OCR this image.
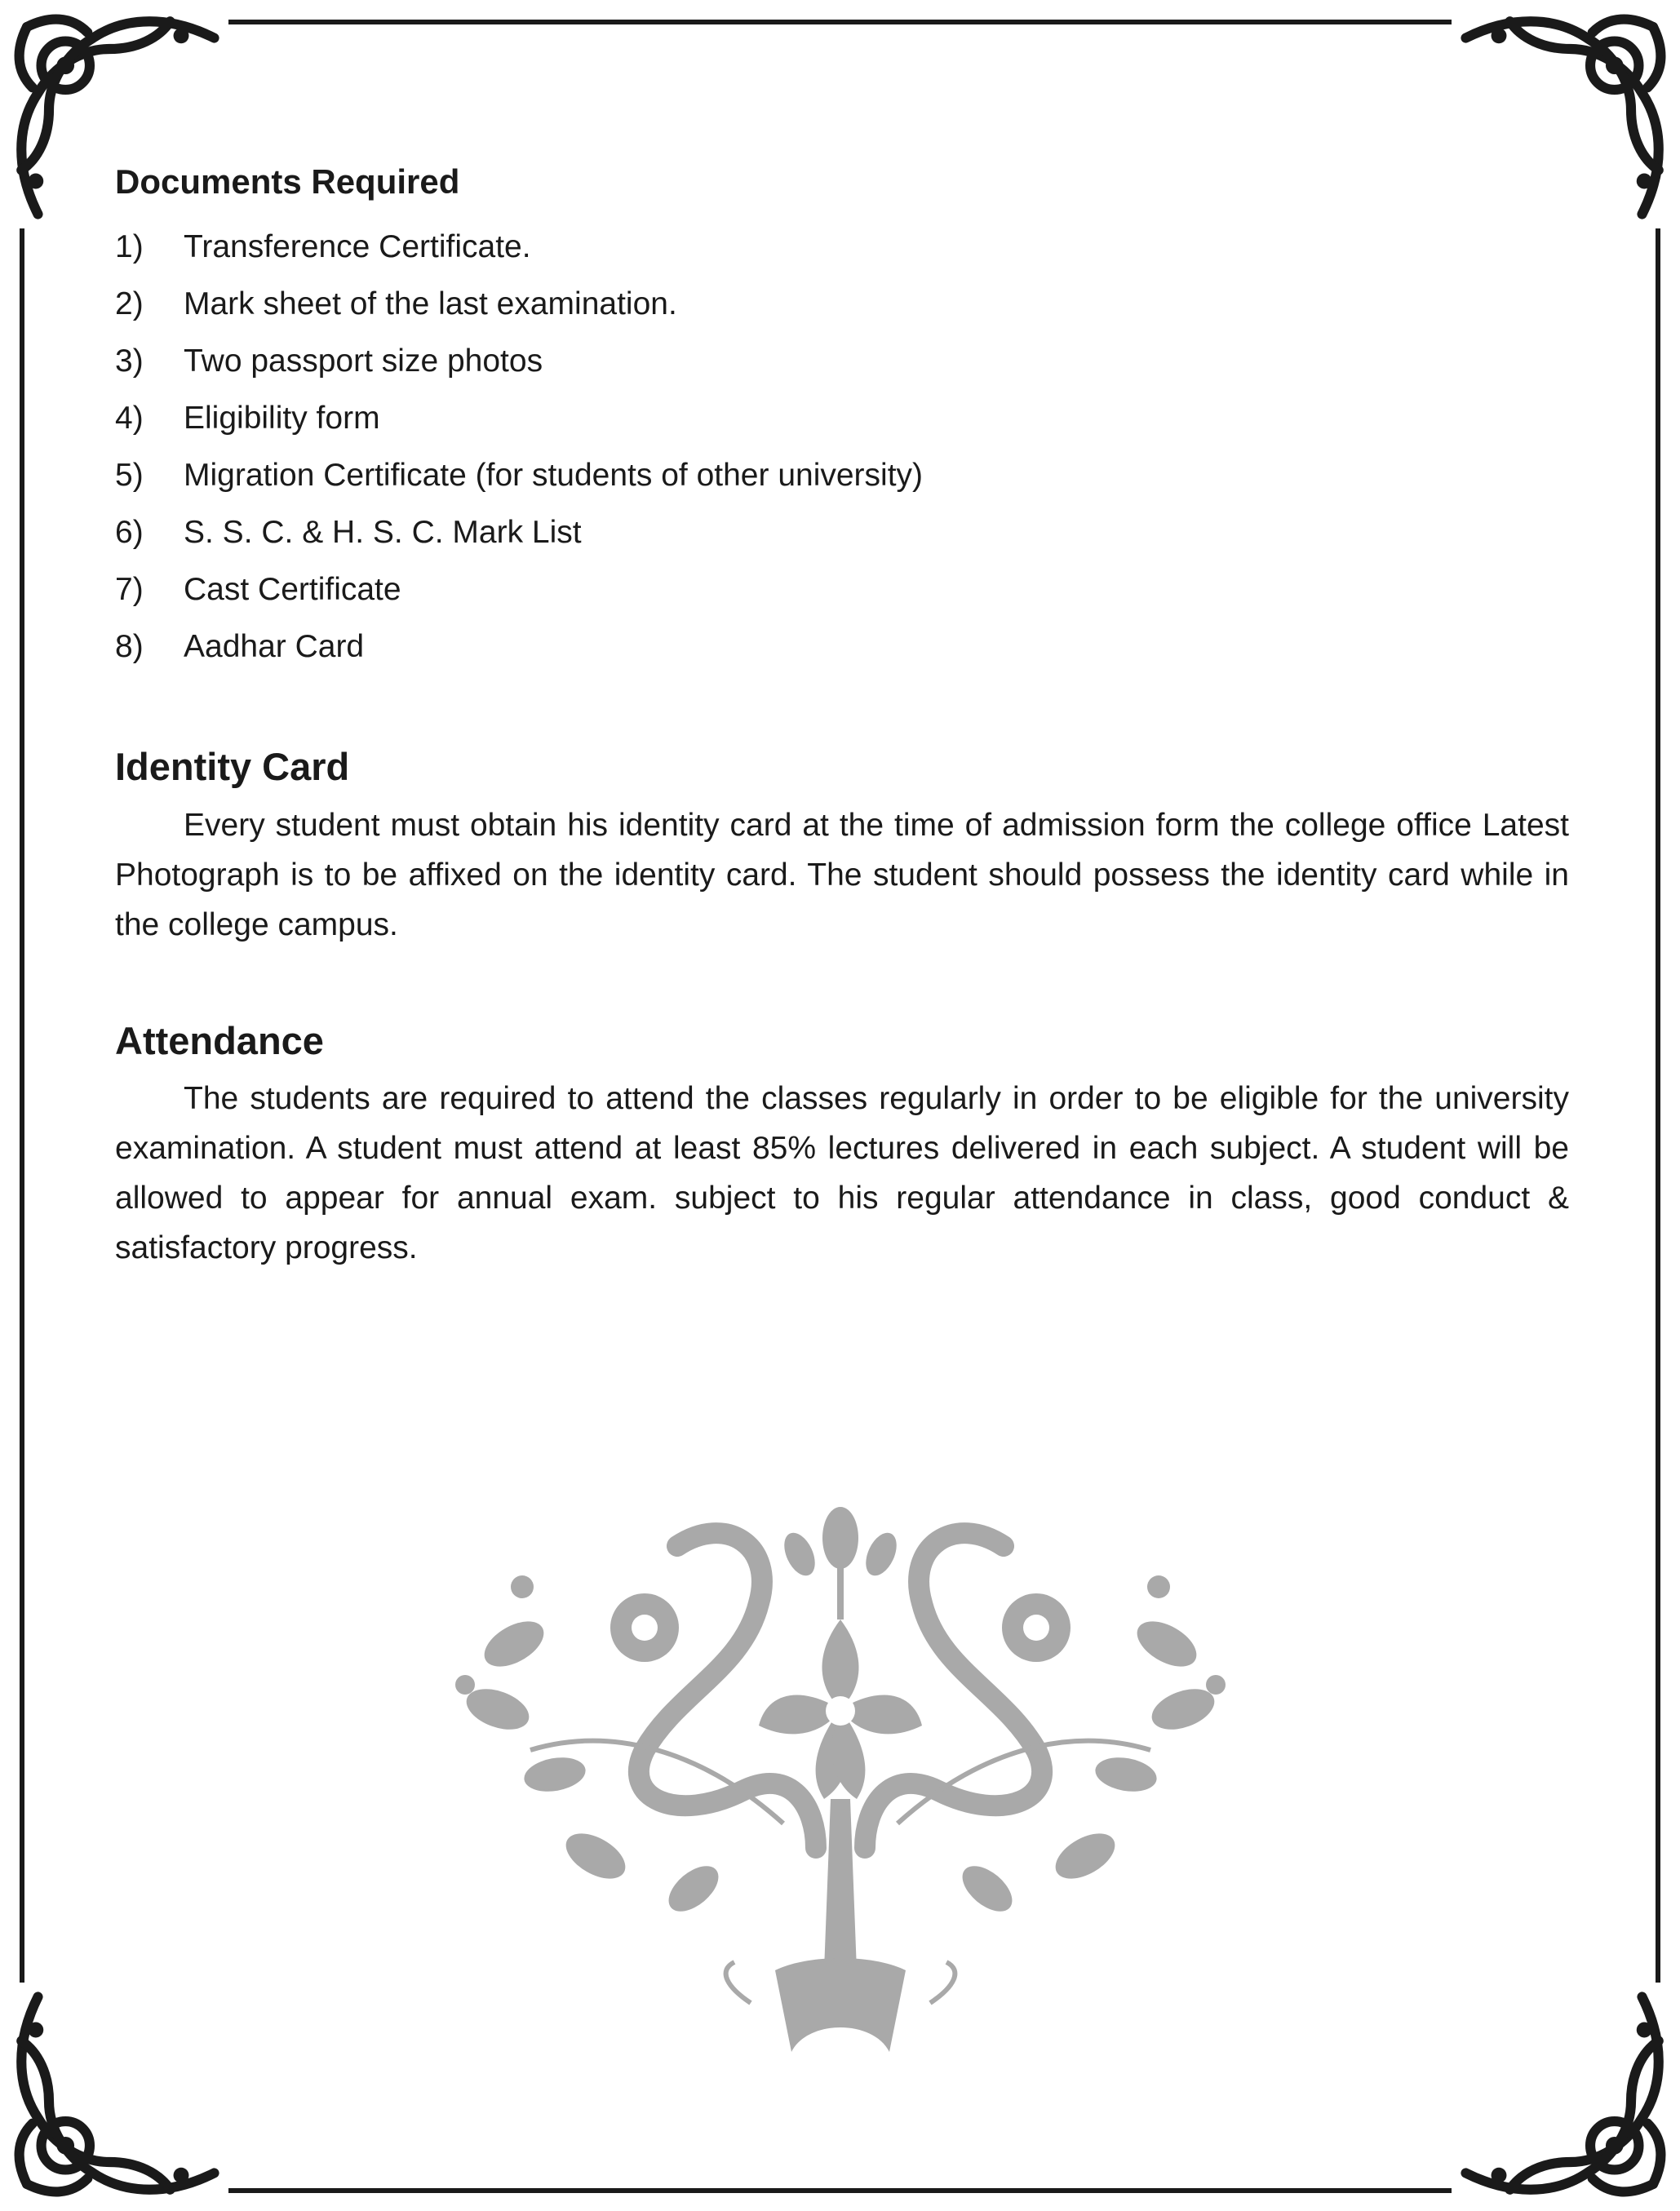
Documents Required
1)	Transference Certificate.
2)	Mark sheet of the last examination.
3)	Two passport size photos
4)	Eligibility form
5)	Migration Certificate (for students of other university)
6)	S. S. C. & H. S. C. Mark List
7)	Cast Certificate
8)	Aadhar Card
Identity Card

Every student must obtain his identity card at the time of admission form the college office Latest Photograph is to be affixed on the identity card. The student should possess the identity card while in the college campus.

Attendance

The students are required to attend the classes regularly in order to be eligible for the university examination. A student must attend at least 85% lectures delivered in each subject. A student will be allowed to appear for annual exam. subject to his regular attendance in class, good conduct & satisfactory progress.
